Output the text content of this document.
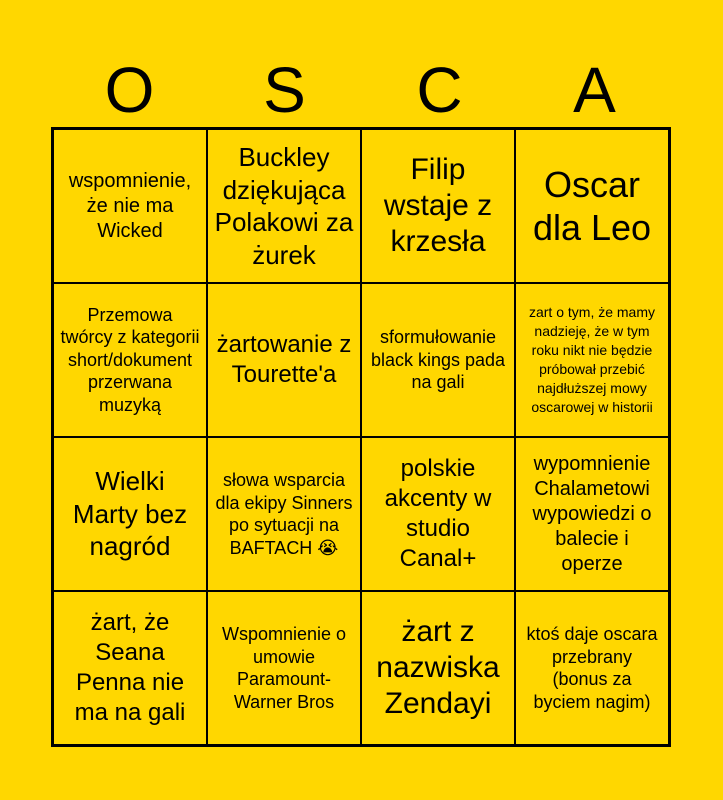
O	S	C	A
wspomnienie, że nie ma Wicked
Buckley dziękująca Polakowi za żurek
Filip wstaje z krzesła
Oscar dla Leo
Przemowa twórcy z kategorii short/dokument przerwana muzyką
żartowanie z Tourette'a
sformułowanie black kings pada na gali
zart o tym, że mamy nadzieję, że w tym roku nikt nie będzie próbował przebić najdłuższej mowy oscarowej w historii
Wielki Marty bez nagród
słowa wsparcia dla ekipy Sinners po sytuacji na BAFTACH 😭
polskie akcenty w studio Canal+
wypomnienie Chalametowi wypowiedzi o balecie i operze
żart, że Seana Penna nie ma na gali
Wspomnienie o umowie Paramount-Warner Bros
żart z nazwiska Zendayi
ktoś daje oscara przebrany (bonus za byciem nagim)
